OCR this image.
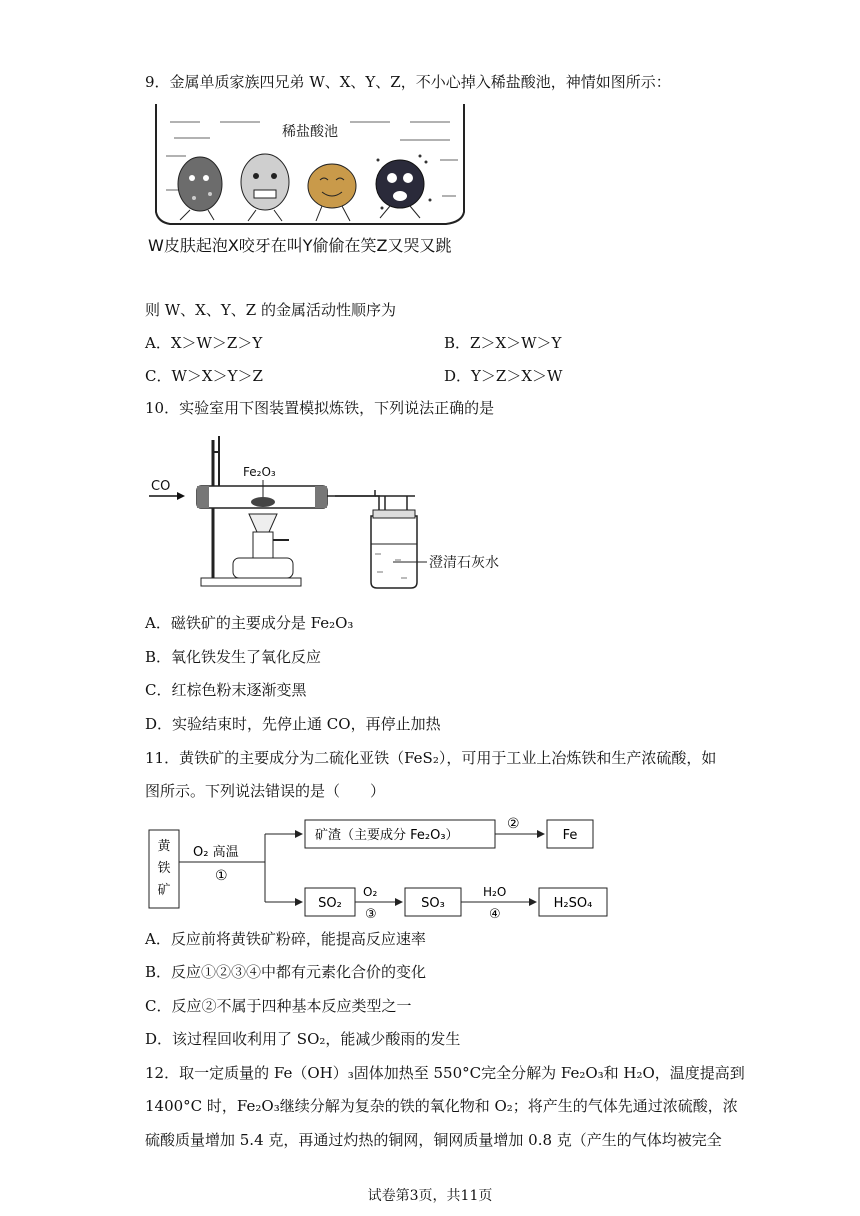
9．金属单质家族四兄弟 W、X、Y、Z，不小心掉入稀盐酸池，神情如图所示：
稀盐酸池
W皮肤起泡X咬牙在叫Y偷偷在笑Z又哭又跳
则 W、X、Y、Z 的金属活动性顺序为
A．X＞W＞Z＞Y	B．Z＞X＞W＞Y
C．W＞X＞Y＞Z	D．Y＞Z＞X＞W
10．实验室用下图装置模拟炼铁，下列说法正确的是
CO
Fe₂O₃
澄清石灰水
A．磁铁矿的主要成分是 Fe₂O₃
B．氧化铁发生了氧化反应
C．红棕色粉末逐渐变黑
D．实验结束时，先停止通 CO，再停止加热
11．黄铁矿的主要成分为二硫化亚铁（FeS₂），可用于工业上冶炼铁和生产浓硫酸，如
图所示。下列说法错误的是（　　）
黄
铁
矿
O₂ 高温
①
矿渣（主要成分 Fe₂O₃）
②
Fe
SO₂
O₂
③
SO₃
H₂O
④
H₂SO₄
A．反应前将黄铁矿粉碎，能提高反应速率
B．反应①②③④中都有元素化合价的变化
C．反应②不属于四种基本反应类型之一
D．该过程回收利用了 SO₂，能减少酸雨的发生
12．取一定质量的 Fe（OH）₃固体加热至 550°C完全分解为 Fe₂O₃和 H₂O，温度提高到
1400°C 时，Fe₂O₃继续分解为复杂的铁的氧化物和 O₂；将产生的气体先通过浓硫酸，浓
硫酸质量增加 5.4 克，再通过灼热的铜网，铜网质量增加 0.8 克（产生的气体均被完全
试卷第3页，共11页
